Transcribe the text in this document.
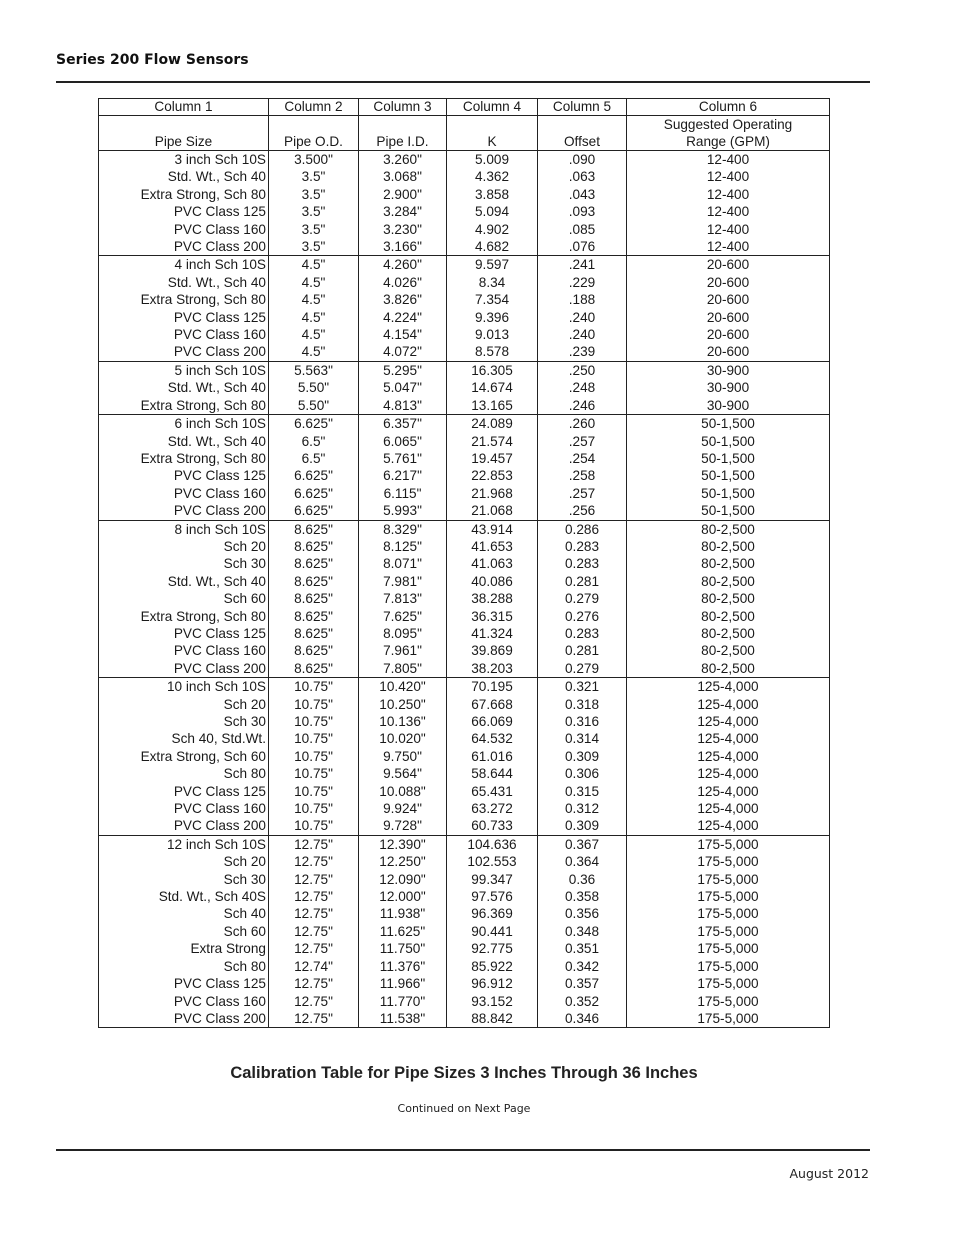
Series 200 Flow Sensors
Column 1	Column 2	Column 3	Column 4	Column 5	Column 6
Pipe Size	Pipe O.D.	Pipe I.D.	K	Offset	Suggested Operating
Range (GPM)
3 inch Sch 10S	3.500"	3.260"	5.009	.090	12-400
Std. Wt., Sch 40	3.5"	3.068"	4.362	.063	12-400
Extra Strong, Sch 80	3.5"	2.900"	3.858	.043	12-400
PVC Class 125	3.5"	3.284"	5.094	.093	12-400
PVC Class 160	3.5"	3.230"	4.902	.085	12-400
PVC Class 200	3.5"	3.166"	4.682	.076	12-400
4 inch Sch 10S	4.5"	4.260"	9.597	.241	20-600
Std. Wt., Sch 40	4.5"	4.026"	8.34	.229	20-600
Extra Strong, Sch 80	4.5"	3.826"	7.354	.188	20-600
PVC Class 125	4.5"	4.224"	9.396	.240	20-600
PVC Class 160	4.5"	4.154"	9.013	.240	20-600
PVC Class 200	4.5"	4.072"	8.578	.239	20-600
5 inch Sch 10S	5.563"	5.295"	16.305	.250	30-900
Std. Wt., Sch 40	5.50"	5.047"	14.674	.248	30-900
Extra Strong, Sch 80	5.50"	4.813"	13.165	.246	30-900
6 inch Sch 10S	6.625"	6.357"	24.089	.260	50-1,500
Std. Wt., Sch 40	6.5"	6.065"	21.574	.257	50-1,500
Extra Strong, Sch 80	6.5"	5.761"	19.457	.254	50-1,500
PVC Class 125	6.625"	6.217"	22.853	.258	50-1,500
PVC Class 160	6.625"	6.115"	21.968	.257	50-1,500
PVC Class 200	6.625"	5.993"	21.068	.256	50-1,500
8 inch Sch 10S	8.625"	8.329"	43.914	0.286	80-2,500
Sch 20	8.625"	8.125"	41.653	0.283	80-2,500
Sch 30	8.625"	8.071"	41.063	0.283	80-2,500
Std. Wt., Sch 40	8.625"	7.981"	40.086	0.281	80-2,500
Sch 60	8.625"	7.813"	38.288	0.279	80-2,500
Extra Strong, Sch 80	8.625"	7.625"	36.315	0.276	80-2,500
PVC Class 125	8.625"	8.095"	41.324	0.283	80-2,500
PVC Class 160	8.625"	7.961"	39.869	0.281	80-2,500
PVC Class 200	8.625"	7.805"	38.203	0.279	80-2,500
10 inch Sch 10S	10.75"	10.420"	70.195	0.321	125-4,000
Sch 20	10.75"	10.250"	67.668	0.318	125-4,000
Sch 30	10.75"	10.136"	66.069	0.316	125-4,000
Sch 40, Std.Wt.	10.75"	10.020"	64.532	0.314	125-4,000
Extra Strong, Sch 60	10.75"	9.750"	61.016	0.309	125-4,000
Sch 80	10.75"	9.564"	58.644	0.306	125-4,000
PVC Class 125	10.75"	10.088"	65.431	0.315	125-4,000
PVC Class 160	10.75"	9.924"	63.272	0.312	125-4,000
PVC Class 200	10.75"	9.728"	60.733	0.309	125-4,000
12 inch Sch 10S	12.75"	12.390"	104.636	0.367	175-5,000
Sch 20	12.75"	12.250"	102.553	0.364	175-5,000
Sch 30	12.75"	12.090"	99.347	0.36	175-5,000
Std. Wt., Sch 40S	12.75"	12.000"	97.576	0.358	175-5,000
Sch 40	12.75"	11.938"	96.369	0.356	175-5,000
Sch 60	12.75"	11.625"	90.441	0.348	175-5,000
Extra Strong	12.75"	11.750"	92.775	0.351	175-5,000
Sch 80	12.74"	11.376"	85.922	0.342	175-5,000
PVC Class 125	12.75"	11.966"	96.912	0.357	175-5,000
PVC Class 160	12.75"	11.770"	93.152	0.352	175-5,000
PVC Class 200	12.75"	11.538"	88.842	0.346	175-5,000
Calibration Table for Pipe Sizes 3 Inches Through 36 Inches
Continued on Next Page
August 2012
